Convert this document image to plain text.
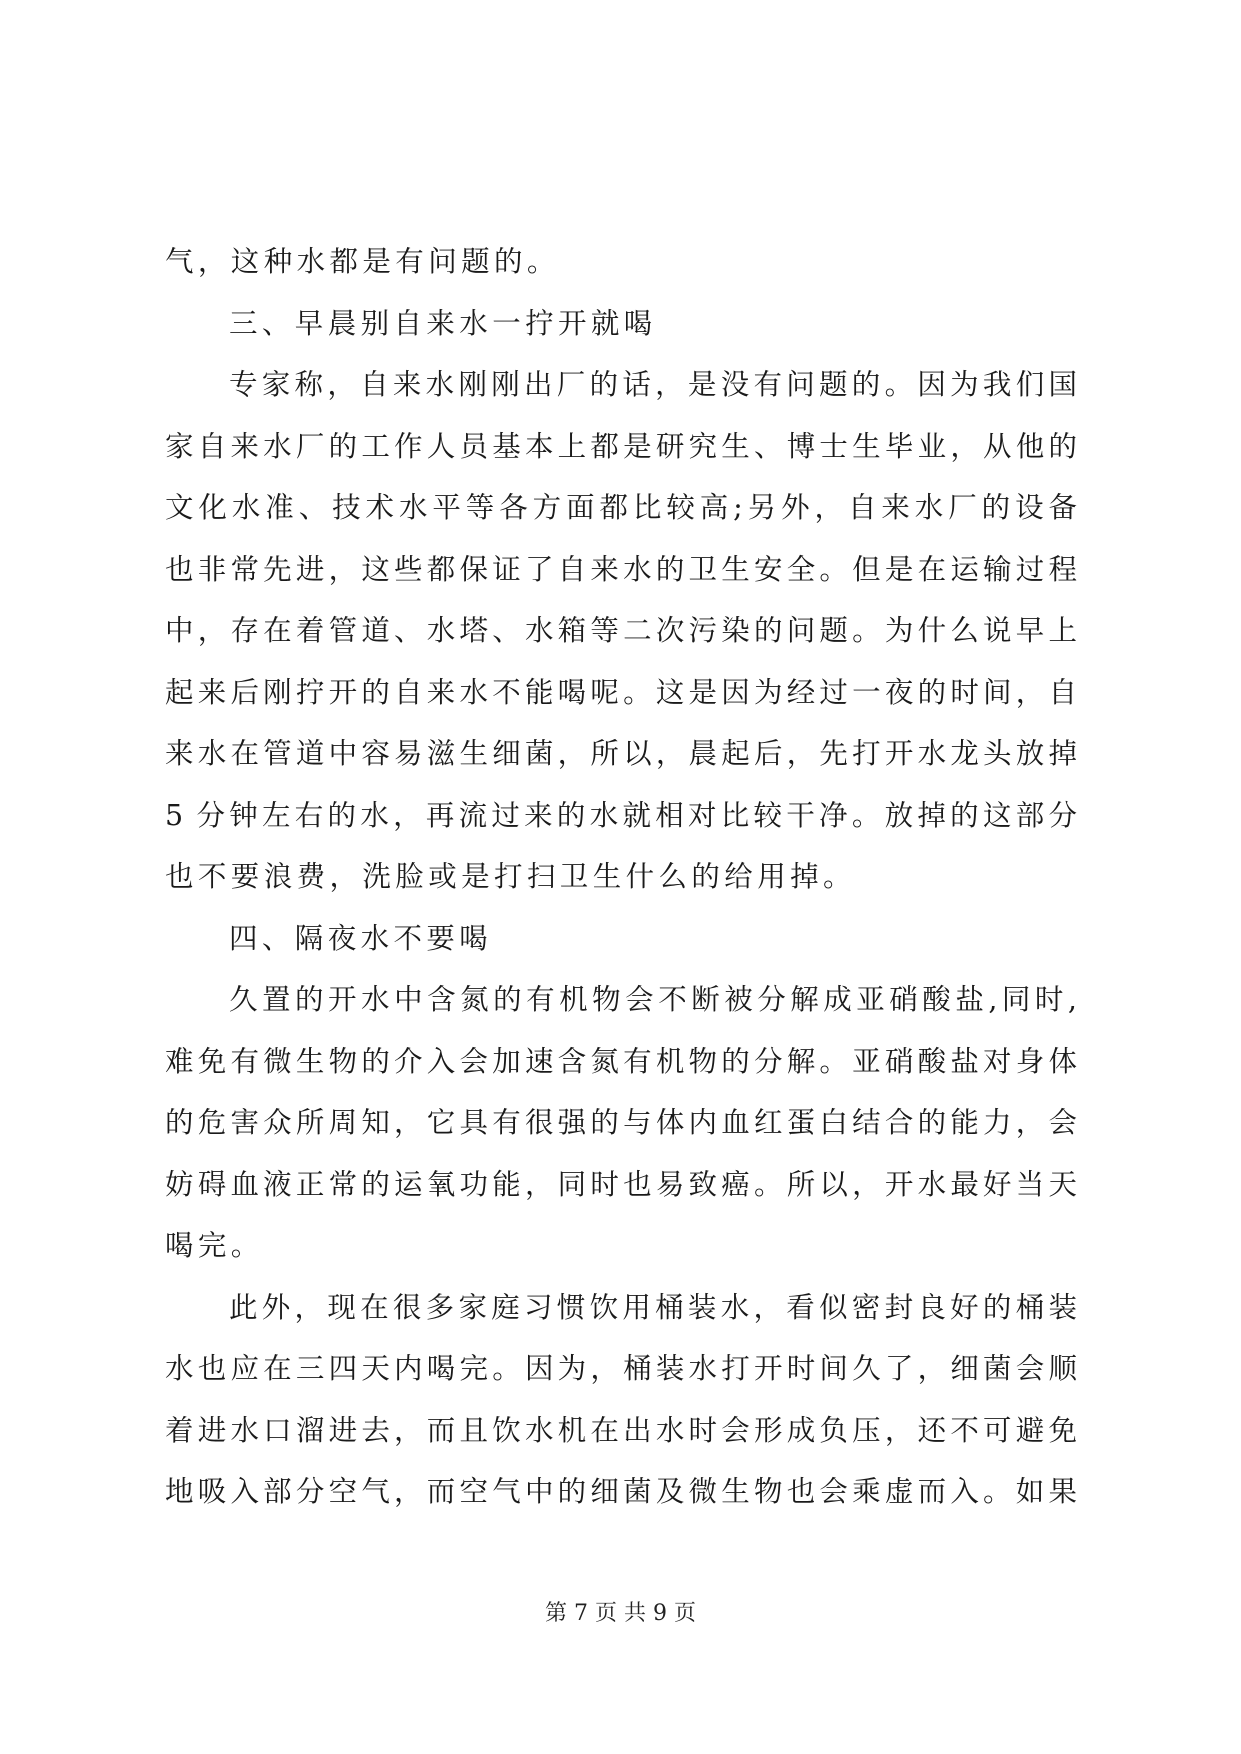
气，这种水都是有问题的。
三、早晨别自来水一拧开就喝
专家称，自来水刚刚出厂的话，是没有问题的。因为我们国
家自来水厂的工作人员基本上都是研究生、博士生毕业，从他的
文化水准、技术水平等各方面都比较高;另外，自来水厂的设备
也非常先进，这些都保证了自来水的卫生安全。但是在运输过程
中，存在着管道、水塔、水箱等二次污染的问题。为什么说早上
起来后刚拧开的自来水不能喝呢。这是因为经过一夜的时间，自
来水在管道中容易滋生细菌，所以，晨起后，先打开水龙头放掉
5 分钟左右的水，再流过来的水就相对比较干净。放掉的这部分
也不要浪费，洗脸或是打扫卫生什么的给用掉。
四、隔夜水不要喝
久置的开水中含氮的有机物会不断被分解成亚硝酸盐,同时,
难免有微生物的介入会加速含氮有机物的分解。亚硝酸盐对身体
的危害众所周知，它具有很强的与体内血红蛋白结合的能力，会
妨碍血液正常的运氧功能，同时也易致癌。所以，开水最好当天
喝完。
此外，现在很多家庭习惯饮用桶装水，看似密封良好的桶装
水也应在三四天内喝完。因为，桶装水打开时间久了，细菌会顺
着进水口溜进去，而且饮水机在出水时会形成负压，还不可避免
地吸入部分空气，而空气中的细菌及微生物也会乘虚而入。如果
第 7 页 共 9 页
